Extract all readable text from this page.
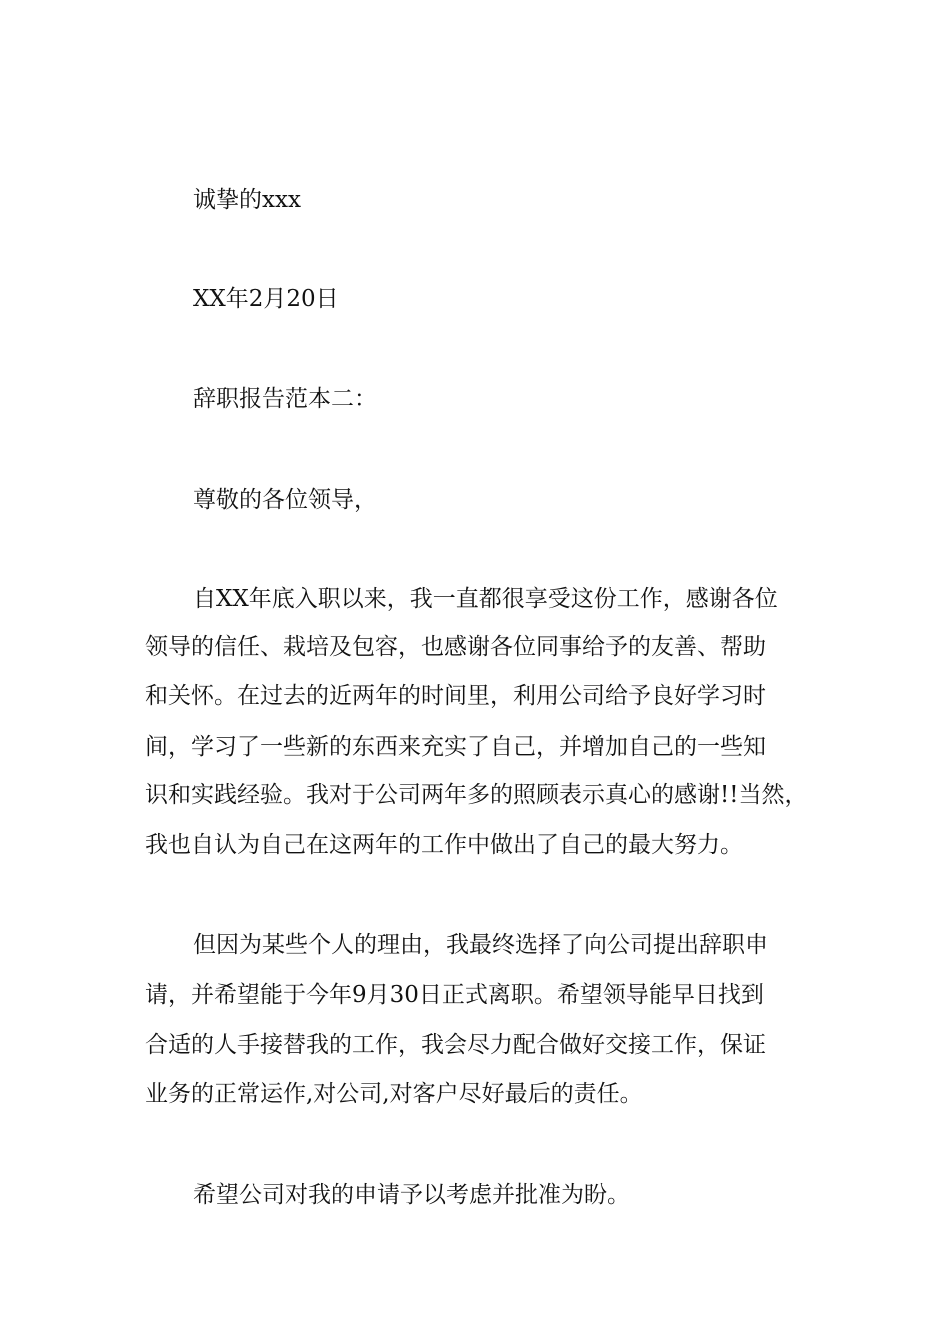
诚挚的xxx
XX年2月20日
辞职报告范本二：
尊敬的各位领导，
自XX年底入职以来，我一直都很享受这份工作，感谢各位
领导的信任、栽培及包容，也感谢各位同事给予的友善、帮助
和关怀。在过去的近两年的时间里，利用公司给予良好学习时
间，学习了一些新的东西来充实了自己，并增加自己的一些知
识和实践经验。我对于公司两年多的照顾表示真心的感谢!!当然，
我也自认为自己在这两年的工作中做出了自己的最大努力。
但因为某些个人的理由，我最终选择了向公司提出辞职申
请，并希望能于今年9月30日正式离职。希望领导能早日找到
合适的人手接替我的工作，我会尽力配合做好交接工作，保证
业务的正常运作,对公司,对客户尽好最后的责任。
希望公司对我的申请予以考虑并批准为盼。
